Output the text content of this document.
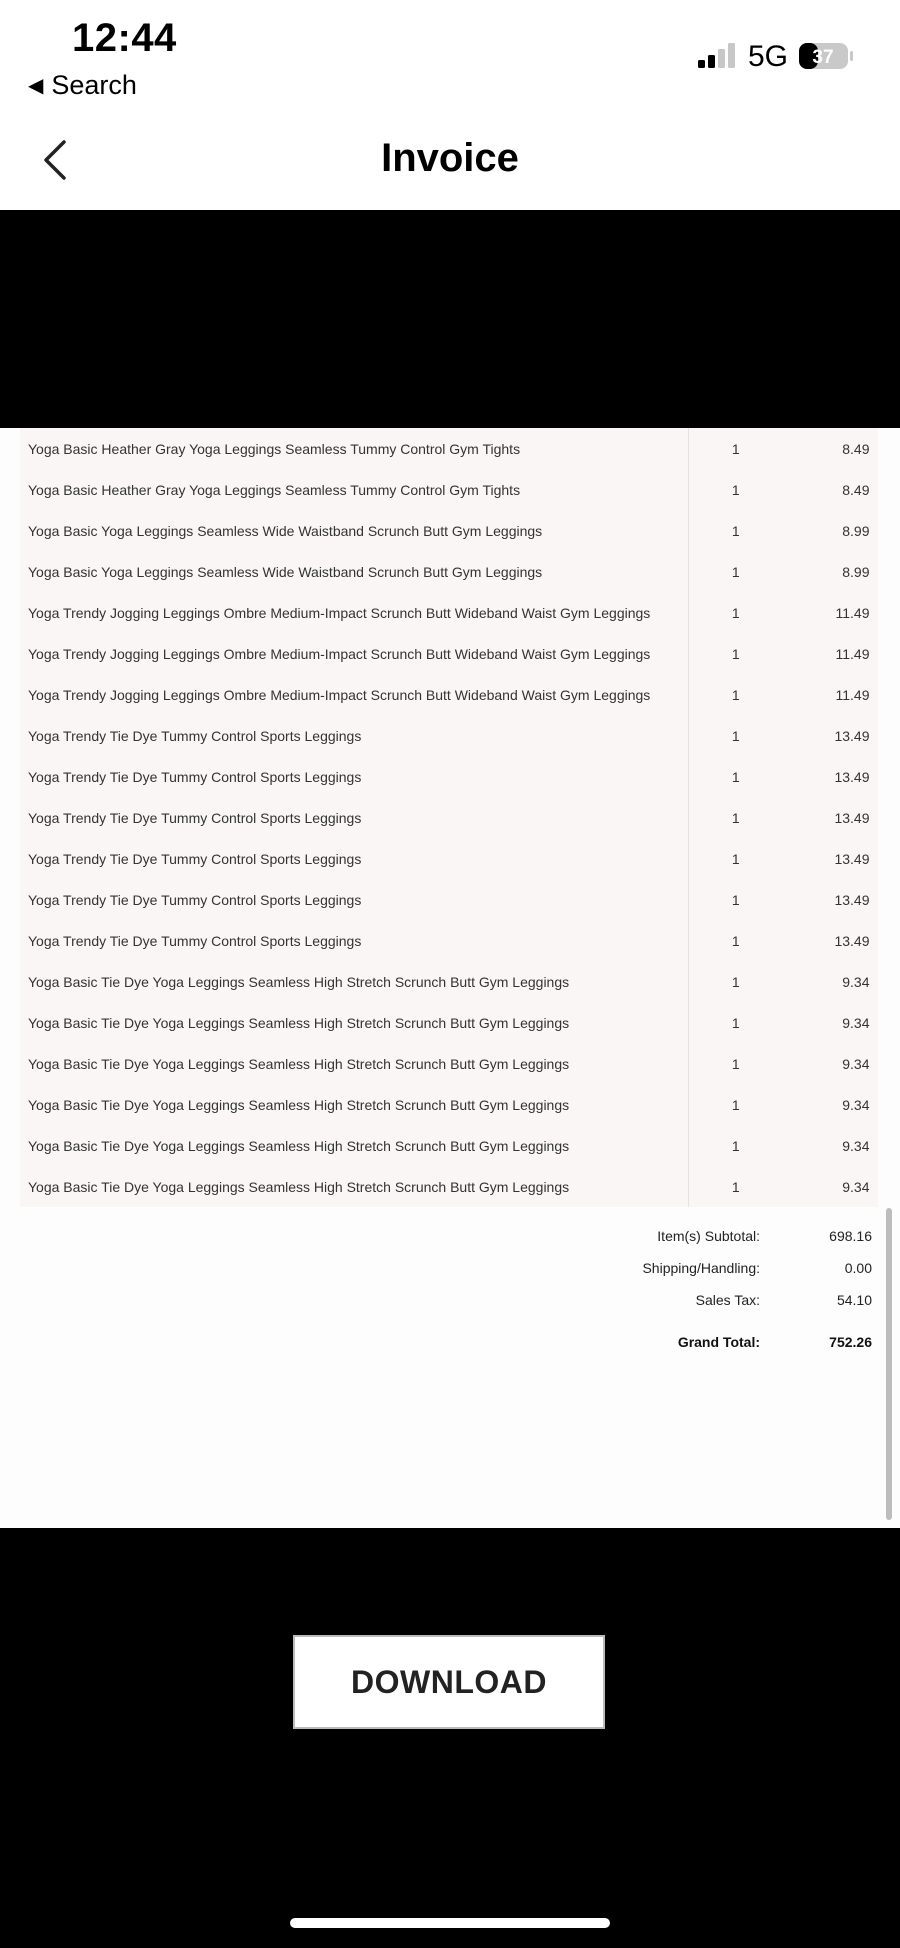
12:44
◀ Search
5G 37
Invoice
Yoga Basic Heather Gray Yoga Leggings Seamless Tummy Control Gym Tights	1	8.49
Yoga Basic Heather Gray Yoga Leggings Seamless Tummy Control Gym Tights	1	8.49
Yoga Basic Yoga Leggings Seamless Wide Waistband Scrunch Butt Gym Leggings	1	8.99
Yoga Basic Yoga Leggings Seamless Wide Waistband Scrunch Butt Gym Leggings	1	8.99
Yoga Trendy Jogging Leggings Ombre Medium-Impact Scrunch Butt Wideband Waist Gym Leggings	1	11.49
Yoga Trendy Jogging Leggings Ombre Medium-Impact Scrunch Butt Wideband Waist Gym Leggings	1	11.49
Yoga Trendy Jogging Leggings Ombre Medium-Impact Scrunch Butt Wideband Waist Gym Leggings	1	11.49
Yoga Trendy Tie Dye Tummy Control Sports Leggings	1	13.49
Yoga Trendy Tie Dye Tummy Control Sports Leggings	1	13.49
Yoga Trendy Tie Dye Tummy Control Sports Leggings	1	13.49
Yoga Trendy Tie Dye Tummy Control Sports Leggings	1	13.49
Yoga Trendy Tie Dye Tummy Control Sports Leggings	1	13.49
Yoga Trendy Tie Dye Tummy Control Sports Leggings	1	13.49
Yoga Basic Tie Dye Yoga Leggings Seamless High Stretch Scrunch Butt Gym Leggings	1	9.34
Yoga Basic Tie Dye Yoga Leggings Seamless High Stretch Scrunch Butt Gym Leggings	1	9.34
Yoga Basic Tie Dye Yoga Leggings Seamless High Stretch Scrunch Butt Gym Leggings	1	9.34
Yoga Basic Tie Dye Yoga Leggings Seamless High Stretch Scrunch Butt Gym Leggings	1	9.34
Yoga Basic Tie Dye Yoga Leggings Seamless High Stretch Scrunch Butt Gym Leggings	1	9.34
Yoga Basic Tie Dye Yoga Leggings Seamless High Stretch Scrunch Butt Gym Leggings	1	9.34
Item(s) Subtotal:	698.16
Shipping/Handling:	0.00
Sales Tax:	54.10
Grand Total:	752.26
DOWNLOAD
